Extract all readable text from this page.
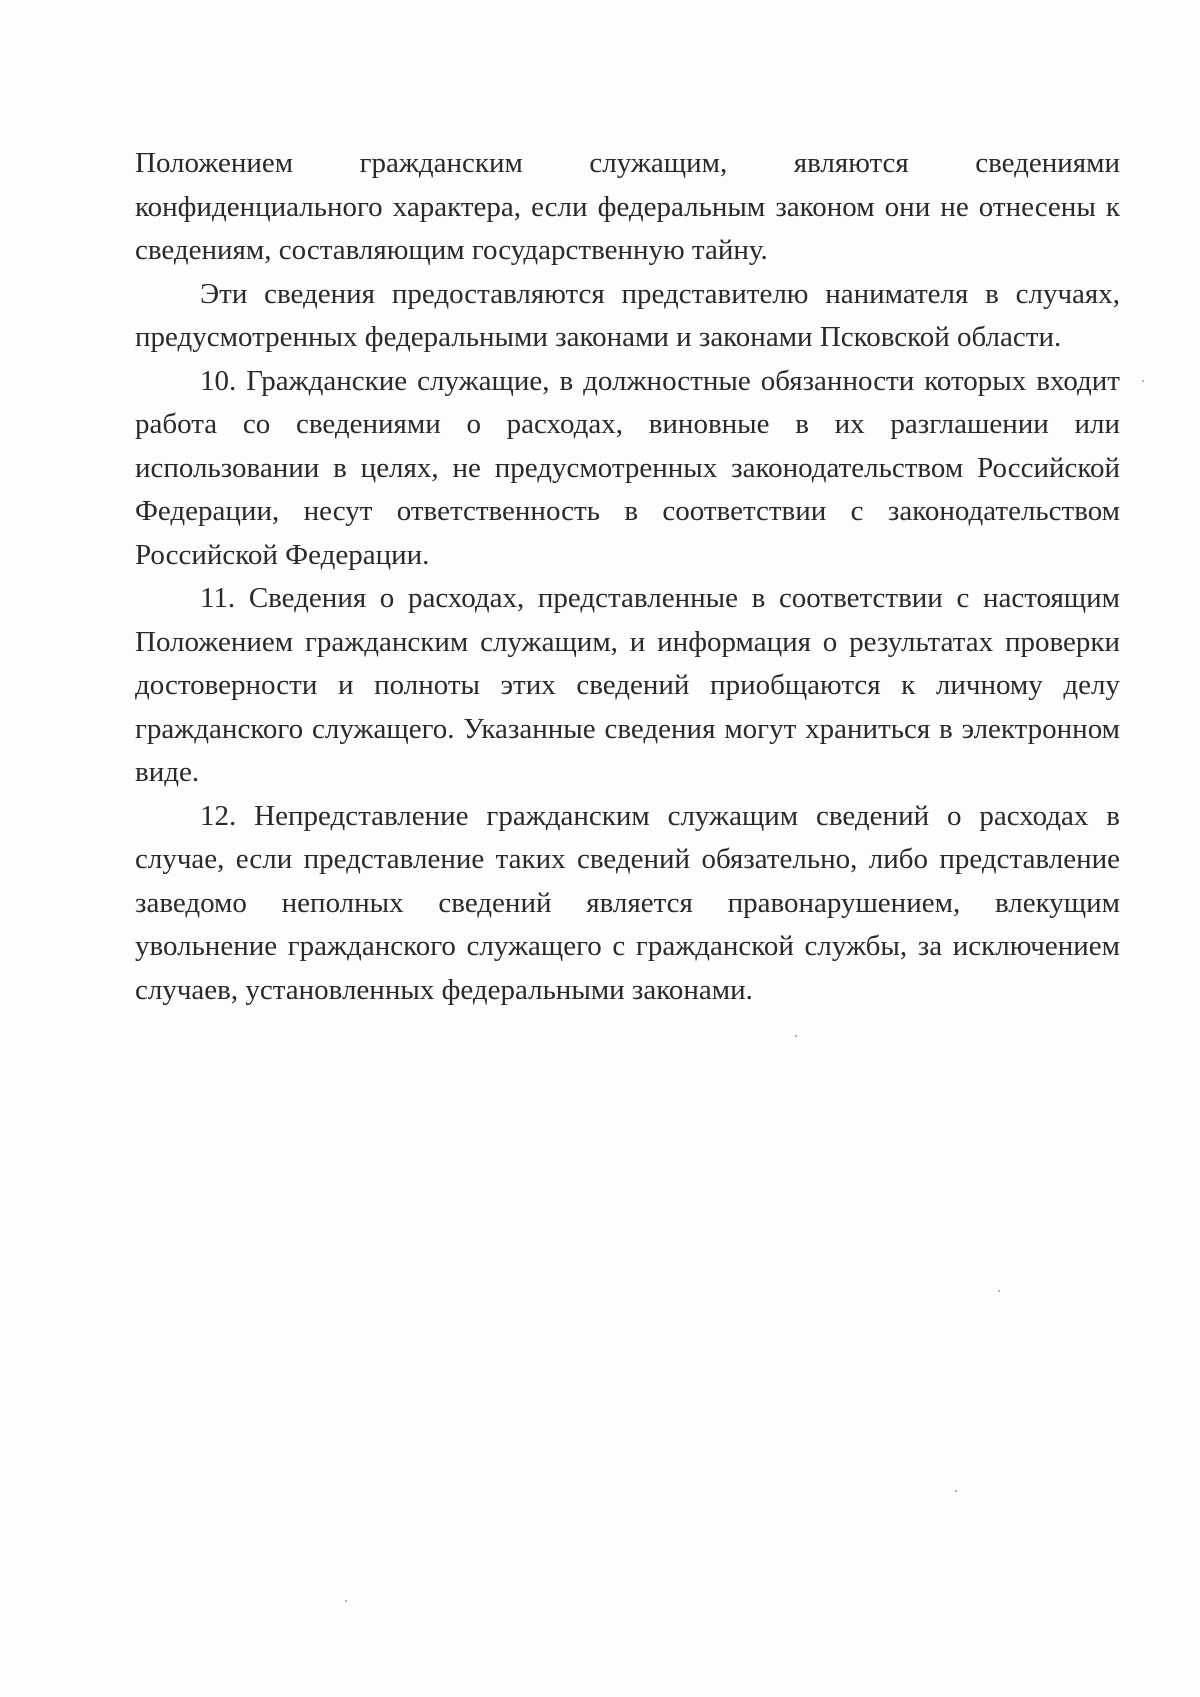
Положением гражданским служащим, являются сведениями конфиденциального характера, если федеральным законом они не отнесены к сведениям, составляющим государственную тайну.

Эти сведения предоставляются представителю нанимателя в случаях, предусмотренных федеральными законами и законами Псковской области.

10. Гражданские служащие, в должностные обязанности которых входит работа со сведениями о расходах, виновные в их разглашении или использовании в целях, не предусмотренных законодательством Российской Федерации, несут ответственность в соответствии с законодательством Российской Федерации.

11. Сведения о расходах, представленные в соответствии с настоящим Положением гражданским служащим, и информация о результатах проверки достоверности и полноты этих сведений приобщаются к личному делу гражданского служащего. Указанные сведения могут храниться в электронном виде.

12. Непредставление гражданским служащим сведений о расходах в случае, если представление таких сведений обязательно, либо представление заведомо неполных сведений является правонарушением, влекущим увольнение гражданского служащего с гражданской службы, за исключением случаев, установленных федеральными законами.
